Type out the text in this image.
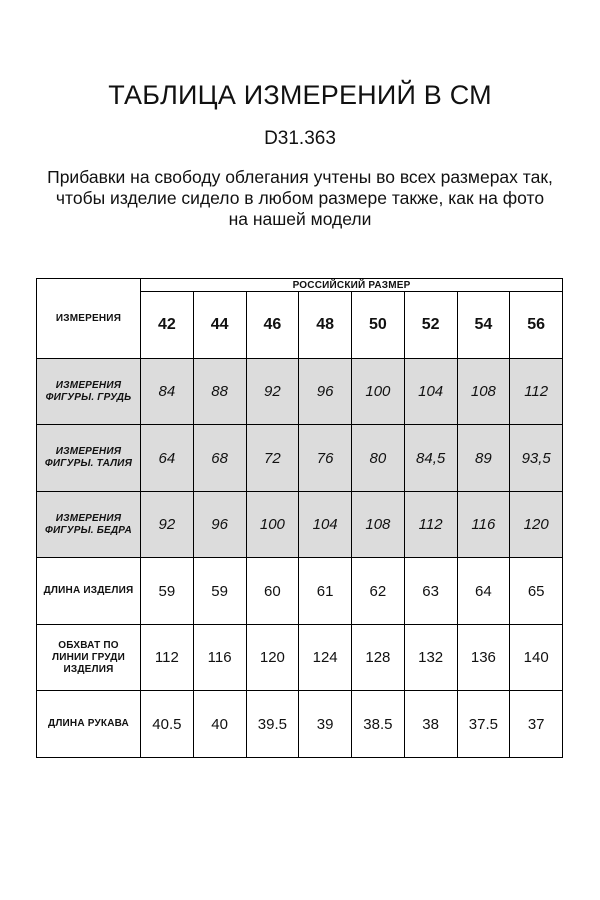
ТАБЛИЦА ИЗМЕРЕНИЙ В СМ
D31.363
Прибавки на свободу облегания учтены во всех размерах так,
чтобы изделие сидело в любом размере также, как на фото
на нашей модели
ИЗМЕРЕНИЯ	РОССИЙСКИЙ РАЗМЕР							
	42	44	46	48	50	52	54	56

ИЗМЕРЕНИЯ
ФИГУРЫ. ГРУДЬ	84	88	92	96	100	104	108	112

ИЗМЕРЕНИЯ
ФИГУРЫ. ТАЛИЯ	64	68	72	76	80	84,5	89	93,5

ИЗМЕРЕНИЯ
ФИГУРЫ. БЕДРА	92	96	100	104	108	112	116	120

ДЛИНА ИЗДЕЛИЯ	59	59	60	61	62	63	64	65

ОБХВАТ ПО
ЛИНИИ ГРУДИ
ИЗДЕЛИЯ	112	116	120	124	128	132	136	140

ДЛИНА РУКАВА	40.5	40	39.5	39	38.5	38	37.5	37
